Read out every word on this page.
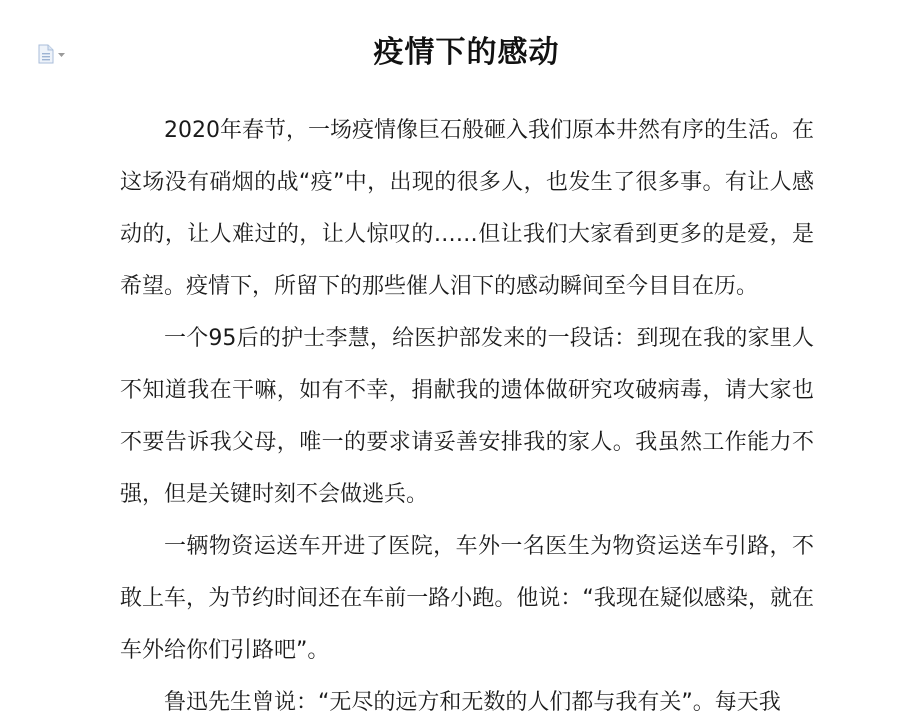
疫情下的感动

2020年春节，一场疫情像巨石般砸入我们原本井然有序的生活。在这场没有硝烟的战“疫”中，出现的很多人，也发生了很多事。有让人感动的，让人难过的，让人惊叹的……但让我们大家看到更多的是爱，是希望。疫情下，所留下的那些催人泪下的感动瞬间至今目目在历。

一个95后的护士李慧，给医护部发来的一段话：到现在我的家里人不知道我在干嘛，如有不幸，捐献我的遗体做研究攻破病毒，请大家也不要告诉我父母，唯一的要求请妥善安排我的家人。我虽然工作能力不强，但是关键时刻不会做逃兵。

一辆物资运送车开进了医院，车外一名医生为物资运送车引路，不敢上车，为节约时间还在车前一路小跑。他说：“我现在疑似感染，就在车外给你们引路吧”。

鲁迅先生曾说：“无尽的远方和无数的人们都与我有关”。每天我
